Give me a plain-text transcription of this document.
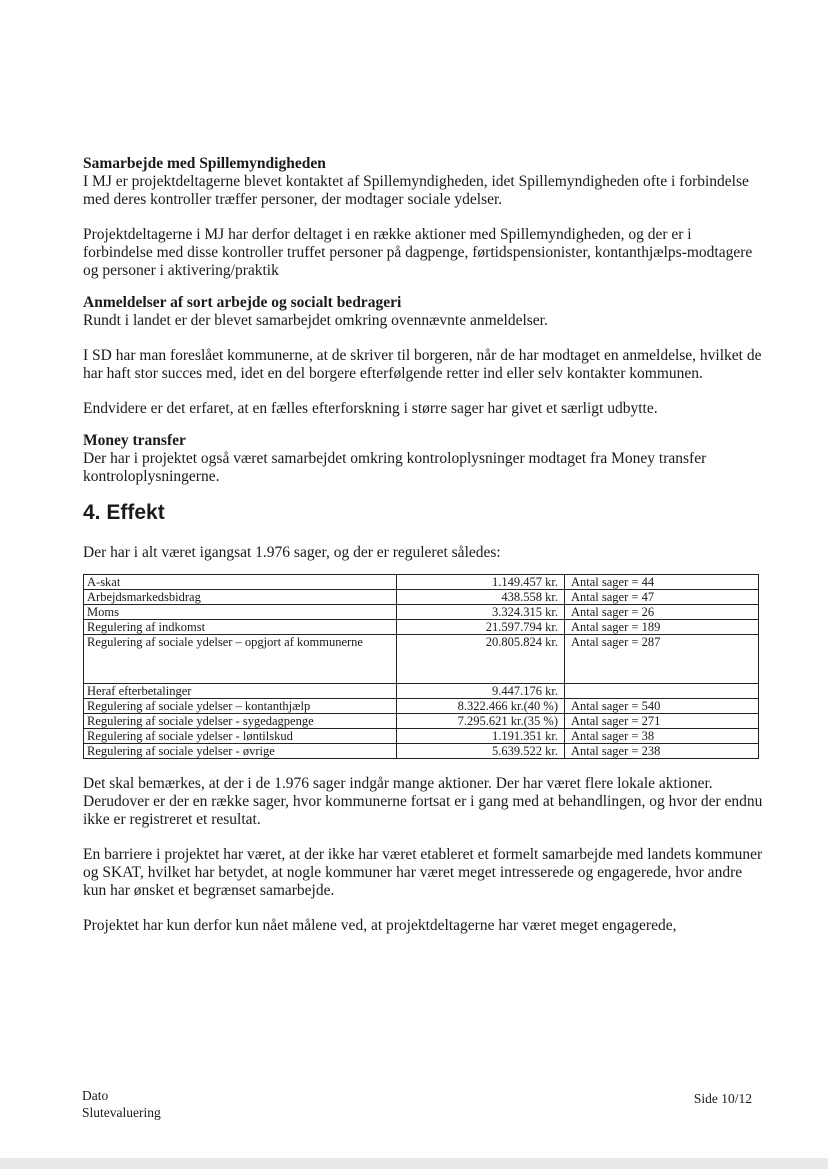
Samarbejde med Spillemyndigheden

I MJ er projektdeltagerne blevet kontaktet af Spillemyndigheden, idet Spillemyndigheden ofte i forbindelse med deres kontroller træffer personer, der modtager sociale ydelser.

Projektdeltagerne i MJ har derfor deltaget i en række aktioner med Spillemyndigheden, og der er i forbindelse med disse kontroller truffet personer på dagpenge, førtidspensionister, kontanthjælps-modtagere og personer i aktivering/praktik

Anmeldelser af sort arbejde og socialt bedrageri

Rundt i landet er der blevet samarbejdet omkring ovennævnte anmeldelser.

I SD har man foreslået kommunerne, at de skriver til borgeren, når de har modtaget en anmeldelse, hvilket de har haft stor succes med, idet en del borgere efterfølgende retter ind eller selv kontakter kommunen.

Endvidere er det erfaret, at en fælles efterforskning i større sager har givet et særligt udbytte.

Money transfer

Der har i projektet også været samarbejdet omkring kontroloplysninger modtaget fra Money transfer kontroloplysningerne.

4. Effekt

Der har i alt været igangsat 1.976 sager, og der er reguleret således:

A-skat	1.149.457 kr.	Antal sager = 44
Arbejdsmarkedsbidrag	438.558 kr.	Antal sager = 47
Moms	3.324.315 kr.	Antal sager = 26
Regulering af indkomst	21.597.794 kr.	Antal sager = 189
Regulering af sociale ydelser – opgjort af kommunerne	20.805.824 kr.	Antal sager = 287
Heraf efterbetalinger	9.447.176 kr.	
Regulering af sociale ydelser – kontanthjælp	8.322.466 kr.(40 %)	Antal sager = 540
Regulering af sociale ydelser - sygedagpenge	7.295.621 kr.(35 %)	Antal sager = 271
Regulering af sociale ydelser - løntilskud	1.191.351 kr.	Antal sager = 38
Regulering af sociale ydelser - øvrige	5.639.522 kr.	Antal sager = 238

Det skal bemærkes, at der i de 1.976 sager indgår mange aktioner. Der har været flere lokale aktioner. Derudover er der en række sager, hvor kommunerne fortsat er i gang med at behandlingen, og hvor der endnu ikke er registreret et resultat.

En barriere i projektet har været, at der ikke har været etableret et formelt samarbejde med landets kommuner og SKAT, hvilket har betydet, at nogle kommuner har været meget intresserede og engagerede, hvor andre kun har ønsket et begrænset samarbejde.

Projektet har kun derfor kun nået målene ved, at projektdeltagerne har været meget engagerede,

Dato
Slutevaluering
Side 10/12
